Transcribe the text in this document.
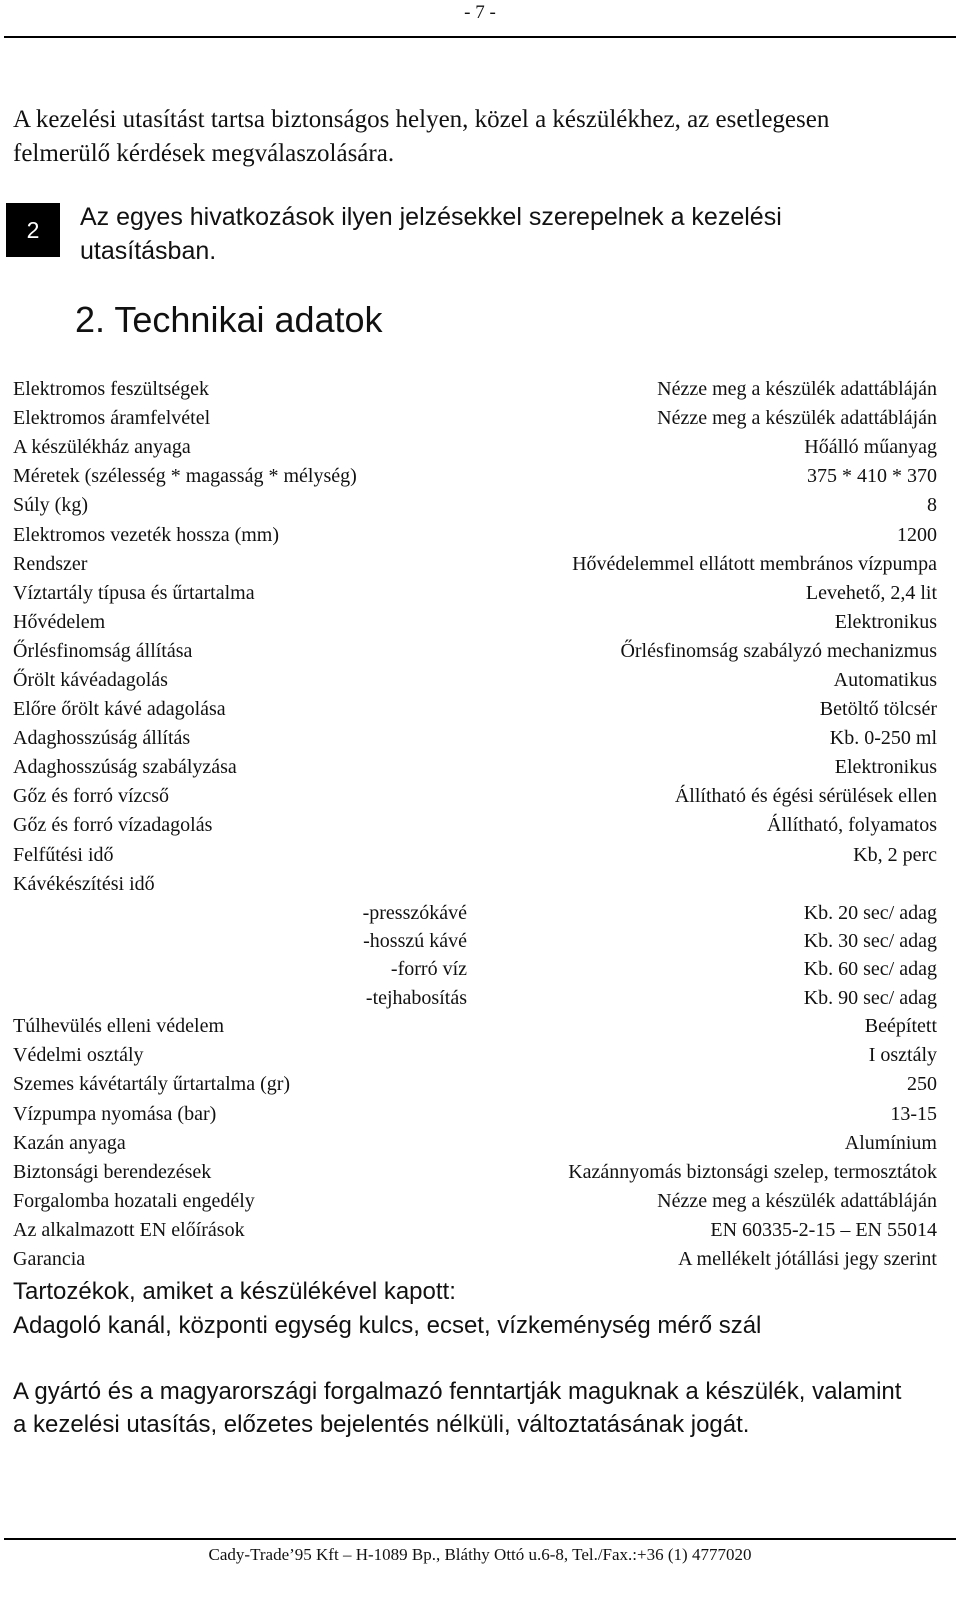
- 7 -
A kezelési utasítást tartsa biztonságos helyen, közel a készülékhez, az esetlegesen felmerülő kérdések megválaszolására.
2	Az egyes hivatkozások ilyen jelzésekkel szerepelnek a kezelési utasításban.
2. Technikai adatok
Elektromos feszültségek	Nézze meg a készülék adattábláján
Elektromos áramfelvétel	Nézze meg a készülék adattábláján
A készülékház anyaga	Hőálló műanyag
Méretek (szélesség * magasság * mélység)	375 * 410 * 370
Súly (kg)	8
Elektromos vezeték hossza (mm)	1200
Rendszer	Hővédelemmel ellátott membrános vízpumpa
Víztartály típusa és űrtartalma	Levehető, 2,4 lit
Hővédelem	Elektronikus
Őrlésfinomság állítása	Őrlésfinomság szabályzó mechanizmus
Őrölt kávéadagolás	Automatikus
Előre őrölt kávé adagolása	Betöltő tölcsér
Adaghosszúság állítás	Kb. 0-250 ml
Adaghosszúság szabályzása	Elektronikus
Gőz és forró vízcső	Állítható és égési sérülések ellen
Gőz és forró vízadagolás	Állítható, folyamatos
Felfűtési idő	Kb, 2 perc
Kávékészítési idő
-presszókávé	Kb. 20 sec/ adag
-hosszú kávé	Kb. 30 sec/ adag
-forró víz	Kb. 60 sec/ adag
-tejhabosítás	Kb. 90 sec/ adag
Túlhevülés elleni védelem	Beépített
Védelmi osztály	I osztály
Szemes kávétartály űrtartalma (gr)	250
Vízpumpa nyomása (bar)	13-15
Kazán anyaga	Alumínium
Biztonsági berendezések	Kazánnyomás biztonsági szelep, termosztátok
Forgalomba hozatali engedély	Nézze meg a készülék adattábláján
Az alkalmazott EN előírások	EN 60335-2-15 – EN 55014
Garancia	A mellékelt jótállási jegy szerint
Tartozékok, amiket a készülékével kapott:
Adagoló kanál, központi egység kulcs, ecset, vízkeménység mérő szál
A gyártó és a magyarországi forgalmazó fenntartják maguknak a készülék, valamint a kezelési utasítás, előzetes bejelentés nélküli, változtatásának jogát.
Cady-Trade’95 Kft – H-1089 Bp., Bláthy Ottó u.6-8, Tel./Fax.:+36 (1) 4777020
